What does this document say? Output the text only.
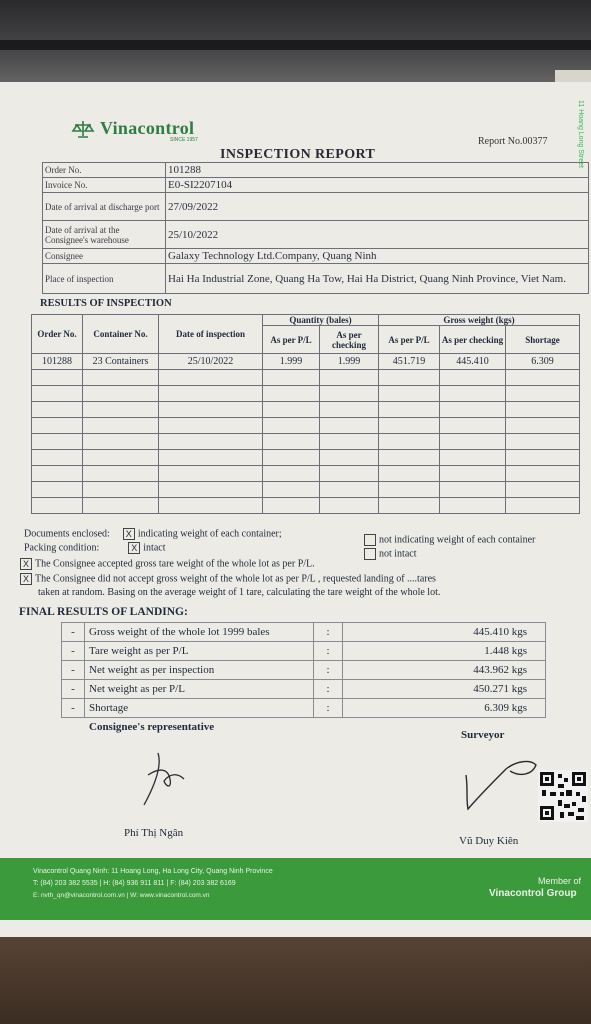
11 Hoang Long Street
Vinacontrol
SINCE 1957	Report No.00377
INSPECTION REPORT
Order No.	101288
Invoice No.	E0-SI2207104
Date of arrival at discharge port	27/09/2022
Date of arrival at the Consignee's warehouse	25/10/2022
Consignee	Galaxy Technology Ltd.Company, Quang Ninh
Place of inspection	Hai Ha Industrial Zone, Quang Ha Tow, Hai Ha District, Quang Ninh Province, Viet Nam.
RESULTS OF INSPECTION
Order No.	Container No.	Date of inspection	Quantity (bales)		Gross weight (kgs)		
			As per P/L	As per checking	As per P/L	As per checking	Shortage
101288	23 Containers	25/10/2022	1.999	1.999	451.719	445.410	6.309

Documents enclosed: X indicating weight of each container;
not indicating weight of each container
Packing condition:	X intact
not intact
X The Consignee accepted gross tare weight of the whole lot as per P/L.
X The Consignee did not accept gross weight of the whole lot as per P/L , requested landing of ....tares
taken at random. Basing on the average weight of 1 tare, calculating the tare weight of the whole lot.
FINAL RESULTS OF LANDING:
-	Gross weight of the whole lot 1999 bales	:	445.410 kgs
-	Tare weight as per P/L	:	1.448 kgs
-	Net weight as per inspection	:	443.962 kgs
-	Net weight as per P/L	:	450.271 kgs
-	Shortage	:	6.309 kgs
Consignee's representative
Surveyor
Phí Thị Ngân
Vũ Duy Kiên
Vinacontrol Quang Ninh: 11 Hoang Long, Ha Long City, Quang Ninh Province
T: (84) 203 382 5535 | H: (84) 936 911 811 | F: (84) 203 382 6169
E: nvth_qn@vinacontrol.com.vn | W: www.vinacontrol.com.vn
Member of
Vinacontrol Group
